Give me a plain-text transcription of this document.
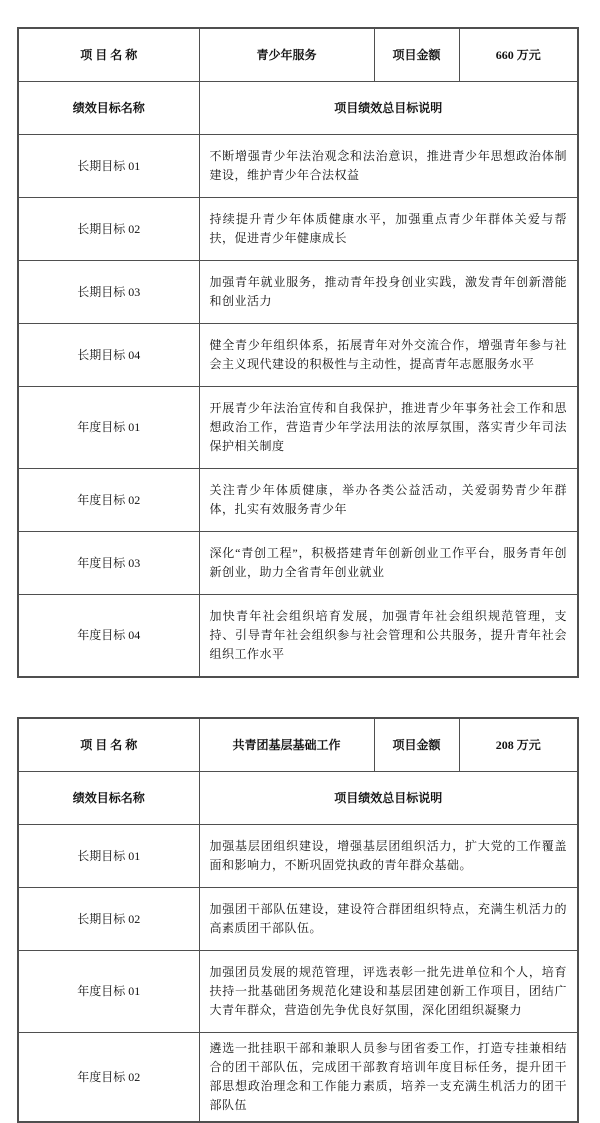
项 目 名 称	青少年服务	项目金额	660 万元
绩效目标名称	项目绩效总目标说明		
长期目标 01	不断增强青少年法治观念和法治意识，推进青少年思想政治体制建设，维护青少年合法权益		
长期目标 02	持续提升青少年体质健康水平，加强重点青少年群体关爱与帮扶，促进青少年健康成长		
长期目标 03	加强青年就业服务，推动青年投身创业实践，激发青年创新潜能和创业活力		
长期目标 04	健全青少年组织体系，拓展青年对外交流合作，增强青年参与社会主义现代建设的积极性与主动性，提高青年志愿服务水平		
年度目标 01	开展青少年法治宣传和自我保护，推进青少年事务社会工作和思想政治工作，营造青少年学法用法的浓厚氛围，落实青少年司法保护相关制度		
年度目标 02	关注青少年体质健康，举办各类公益活动，关爱弱势青少年群体，扎实有效服务青少年		
年度目标 03	深化“青创工程”，积极搭建青年创新创业工作平台，服务青年创新创业，助力全省青年创业就业		
年度目标 04	加快青年社会组织培育发展，加强青年社会组织规范管理，支持、引导青年社会组织参与社会管理和公共服务，提升青年社会组织工作水平		
项 目 名 称	共青团基层基础工作	项目金额	208 万元
绩效目标名称	项目绩效总目标说明		
长期目标 01	加强基层团组织建设，增强基层团组织活力，扩大党的工作覆盖面和影响力，不断巩固党执政的青年群众基础。		
长期目标 02	加强团干部队伍建设，建设符合群团组织特点，充满生机活力的高素质团干部队伍。		
年度目标 01	加强团员发展的规范管理，评选表彰一批先进单位和个人，培育扶持一批基础团务规范化建设和基层团建创新工作项目，团结广大青年群众，营造创先争优良好氛围，深化团组织凝聚力		
年度目标 02	遴选一批挂职干部和兼职人员参与团省委工作，打造专挂兼相结合的团干部队伍，完成团干部教育培训年度目标任务，提升团干部思想政治理念和工作能力素质，培养一支充满生机活力的团干部队伍		
